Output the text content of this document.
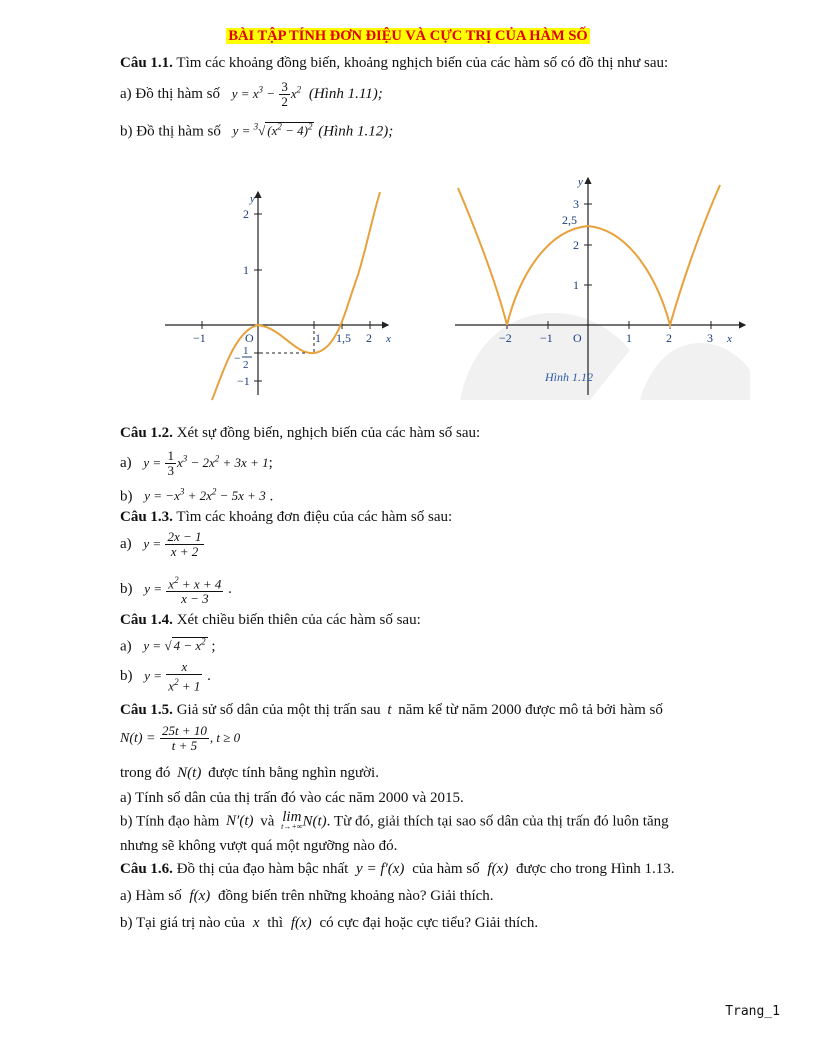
BÀI TẬP TÍNH ĐƠN ĐIỆU VÀ CỰC TRỊ CỦA HÀM SỐ
Câu 1.1. Tìm các khoảng đồng biến, khoảng nghịch biến của các hàm số có đồ thị như sau:
a) Đồ thị hàm số $y = x^3 - \frac{3}{2} x^2$ (Hình 1.11);
b) Đồ thị hàm số y = $^3$√ $(x^2 - 4)^2$ (Hình 1.12);
y
2
1
−1	O	1 1,5 2 x
− 1
2
−1
y
3
2,5
2
1
−2 −1 O	1	2	3 x
Hình 1.12
Câu 1.2. Xét sự đồng biến, nghịch biến của các hàm số sau:
a) $y = \frac{1}{3} x^3 - 2x^2 + 3x + 1$;
b) $y = -x^3 + 2x^2 - 5x + 3$ .
Câu 1.3. Tìm các khoảng đơn điệu của các hàm số sau:
a) $y = \frac{2x - 1}{x + 2}$
b) $y = \frac{x^2 + x + 4}{x - 3}$ .
Câu 1.4. Xét chiều biến thiên của các hàm số sau:
a) y = √ $4 - x^2$ ;
b) $y = \frac{x}{x^2 + 1}$ .
Câu 1.5. Giả sử số dân của một thị trấn sau t năm kể từ năm 2000 được mô tả bởi hàm số
$N(t) = \frac{25t + 10}{t + 5}$ , t ≥ 0
trong đó N(t) được tính bằng nghìn người.
a) Tính số dân của thị trấn đó vào các năm 2000 và 2015.
b) Tính đạo hàm N′(t) và lim
t→+∞ N(t). Từ đó, giải thích tại sao số dân của thị trấn đó luôn tăng
nhưng sẽ không vượt quá một ngưỡng nào đó.
Câu 1.6. Đồ thị của đạo hàm bậc nhất y = f′(x) của hàm số f(x) được cho trong Hình 1.13.
a) Hàm số f(x) đồng biến trên những khoảng nào? Giải thích.
b) Tại giá trị nào của x thì f(x) có cực đại hoặc cực tiểu? Giải thích.
Trang_1
